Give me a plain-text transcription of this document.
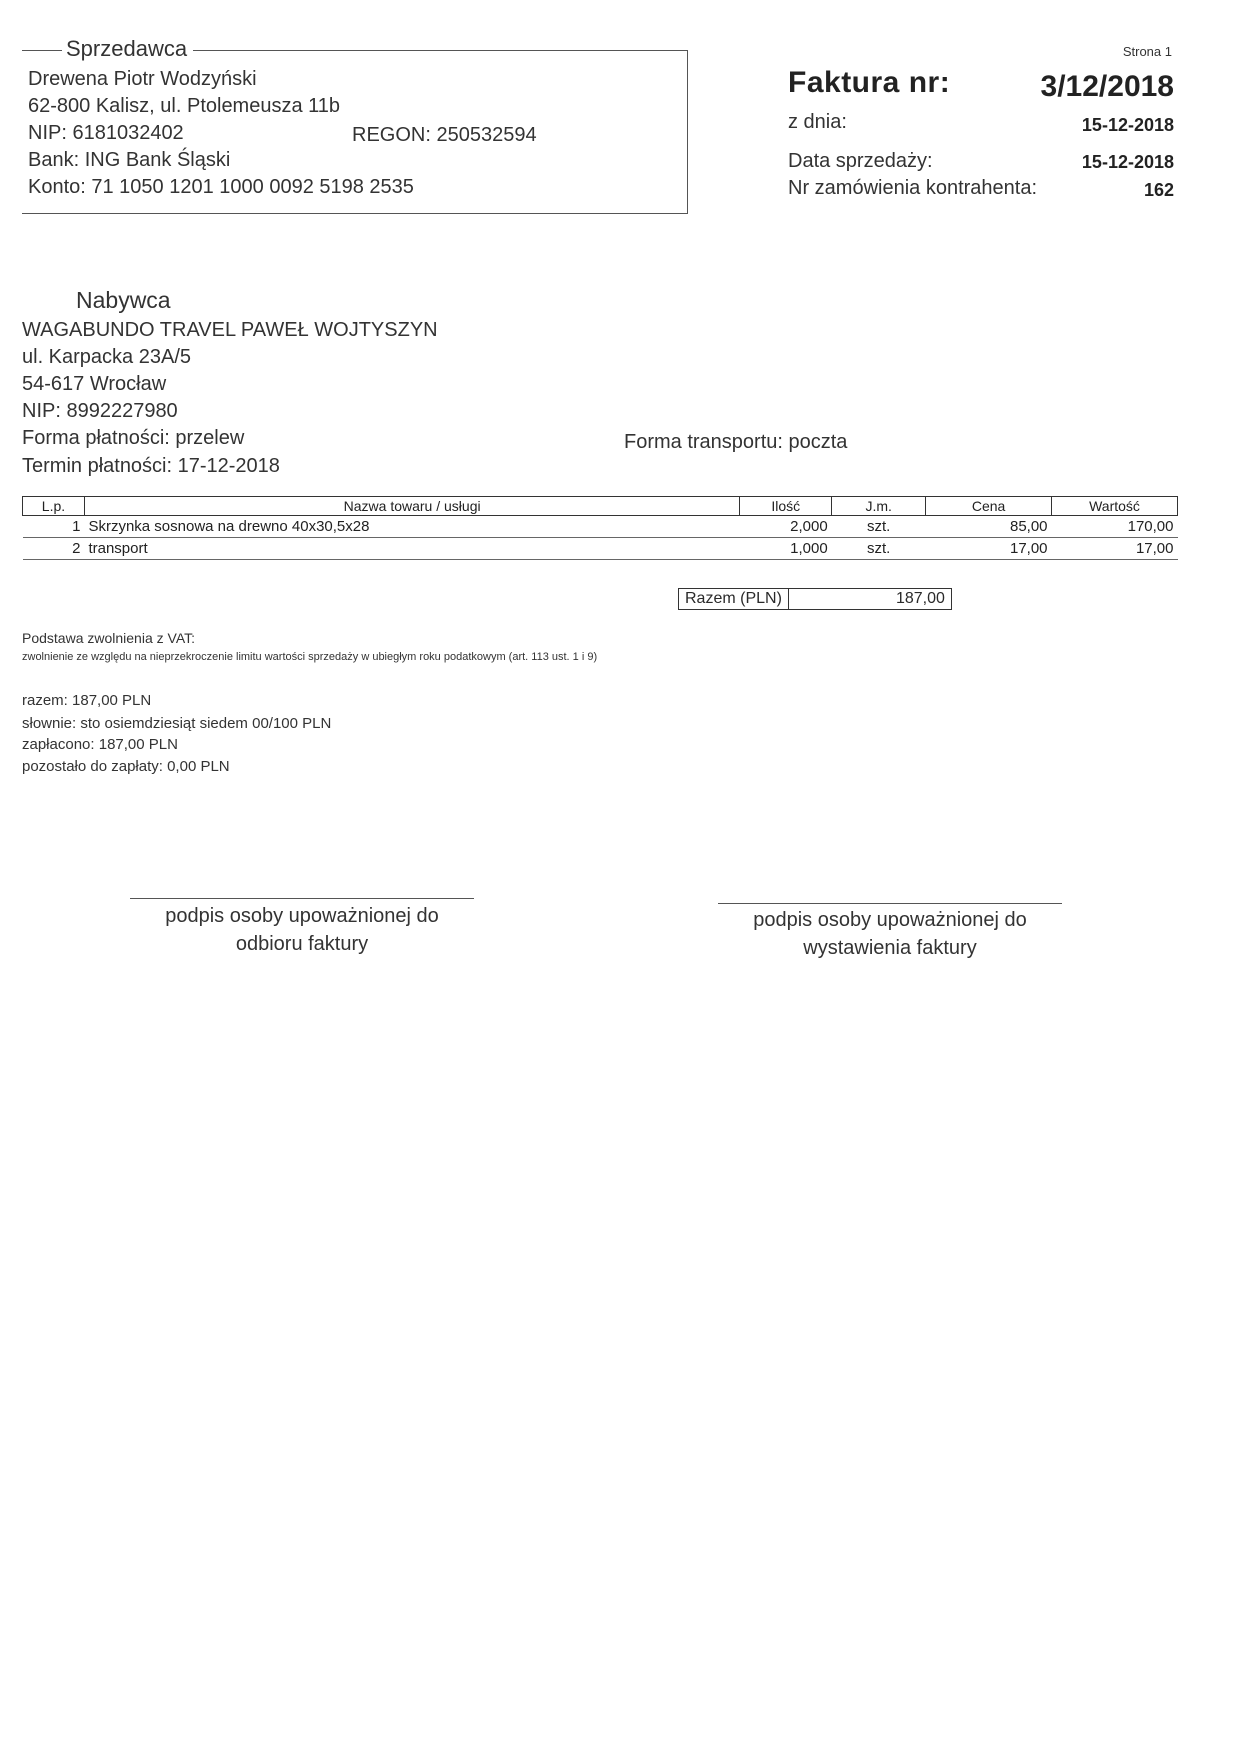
Strona 1
Sprzedawca
Drewena Piotr Wodzyński
62-800 Kalisz, ul. Ptolemeusza 11b
NIP: 6181032402	REGON: 250532594
Bank: ING Bank Śląski
Konto: 71 1050 1201 1000 0092 5198 2535
Faktura nr:	3/12/2018
z dnia:	15-12-2018
Data sprzedaży:	15-12-2018
Nr zamówienia kontrahenta:	162
Nabywca
WAGABUNDO TRAVEL PAWEŁ WOJTYSZYN
ul. Karpacka 23A/5
54-617 Wrocław
NIP: 8992227980
Forma płatności: przelew
Termin płatności: 17-12-2018
Forma transportu: poczta
L.p.	Nazwa towaru / usługi	Ilość	J.m.	Cena	Wartość
1	Skrzynka sosnowa na drewno 40x30,5x28	2,000	szt.	85,00	170,00
2	transport	1,000	szt.	17,00	17,00
Razem (PLN)	187,00
Podstawa zwolnienia z VAT:
zwolnienie ze względu na nieprzekroczenie limitu wartości sprzedaży w ubiegłym roku podatkowym (art. 113 ust. 1 i 9)
razem: 187,00 PLN
słownie: sto osiemdziesiąt siedem 00/100 PLN
zapłacono: 187,00 PLN
pozostało do zapłaty: 0,00 PLN
podpis osoby upoważnionej do
odbioru faktury
podpis osoby upoważnionej do
wystawienia faktury
